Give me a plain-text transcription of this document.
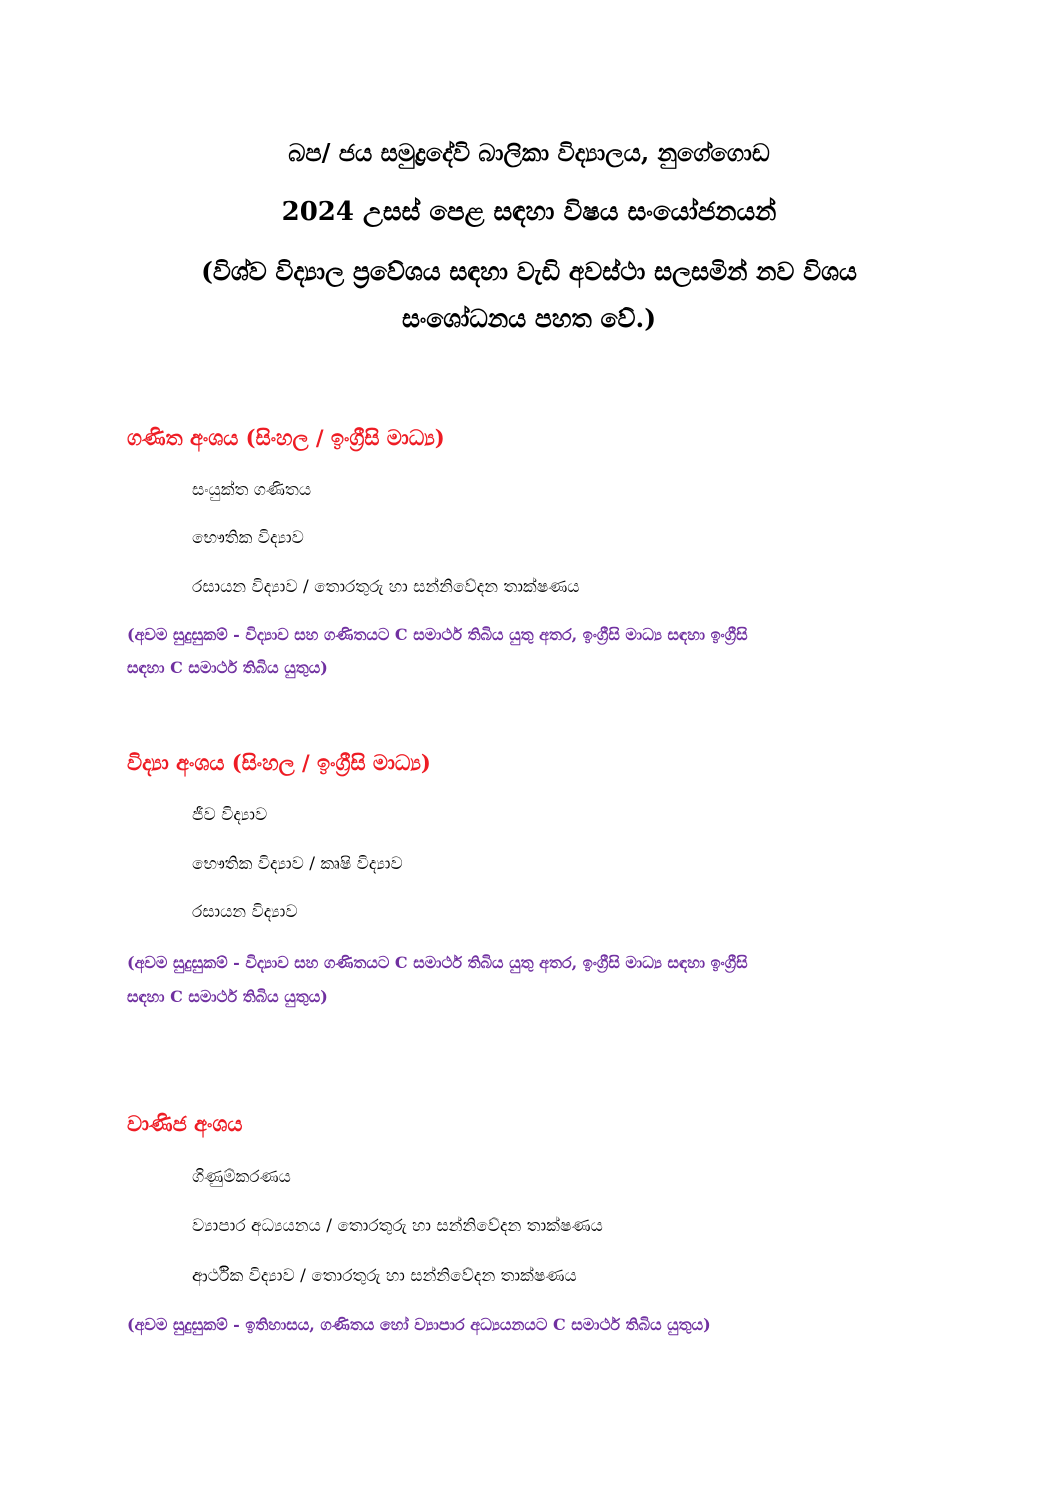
බප/ ජය සමුද්‍රදේවි බාලිකා විද්‍යාලය, නුගේගොඩ
2024 උසස් පෙළ සඳහා විෂය සංයෝජනයන්
(විශ්ව විද්‍යාල ප්‍රවේශය සඳහා වැඩි අවස්ථා සලසමින් නව විශය
සංශෝධනය පහත වේ.)
ගණිත අංශය (සිංහල / ඉංග්‍රීසි මාධ්‍ය)
සංයුක්ත ගණිතය
භෞතික විද්‍යාව
රසායන විද්‍යාව / තොරතුරු හා සන්නිවේදන තාක්ෂණය
(අවම සුදුසුකම් - විද්‍යාව සහ ගණිතයට C සමාර්ථ තිබිය යුතු අතර, ඉංග්‍රීසි මාධ්‍ය සඳහා ඉංග්‍රීසි
සඳහා C සමාර්ථ තිබිය යුතුය)
විද්‍යා අංශය (සිංහල / ඉංග්‍රීසි මාධ්‍ය)
ජීව විද්‍යාව
භෞතික විද්‍යාව / කෘෂි විද්‍යාව
රසායන විද්‍යාව
(අවම සුදුසුකම් - විද්‍යාව සහ ගණිතයට C සමාර්ථ තිබිය යුතු අතර, ඉංග්‍රීසි මාධ්‍ය සඳහා ඉංග්‍රීසි
සඳහා C සමාර්ථ තිබිය යුතුය)
වාණිජ අංශය
ගිණුම්කරණය
ව්‍යාපාර අධ්‍යයනය / තොරතුරු හා සන්නිවේදන තාක්ෂණය
ආර්ථික විද්‍යාව / තොරතුරු හා සන්නිවේදන තාක්ෂණය
(අවම සුදුසුකම් - ඉතිහාසය, ගණිතය හෝ ව්‍යාපාර අධ්‍යයනයට C සමාර්ථ තිබිය යුතුය)
